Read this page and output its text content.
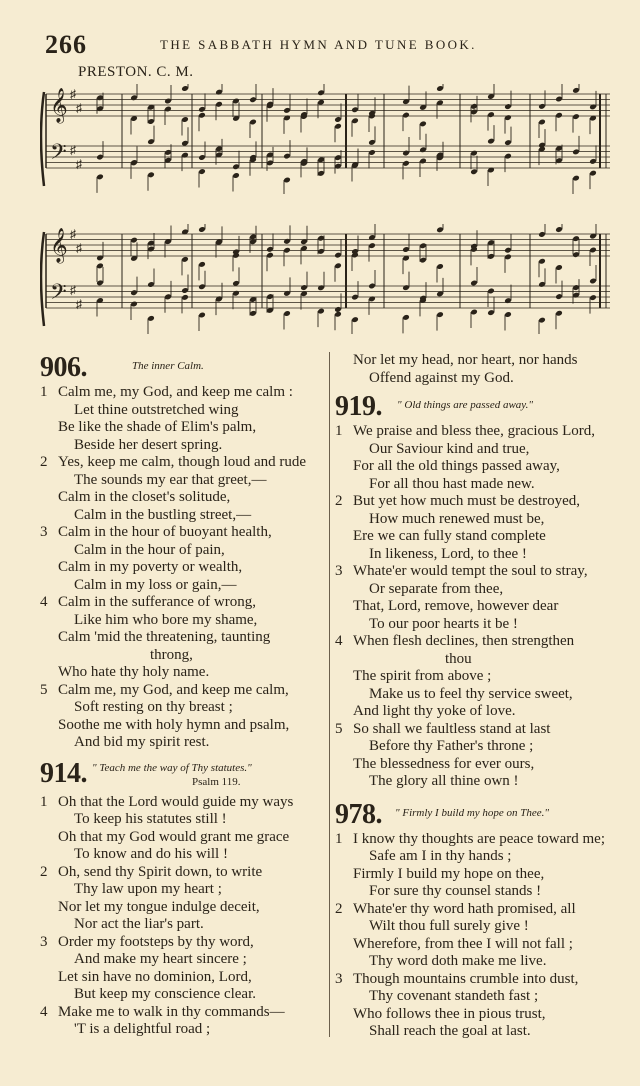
266	THE SABBATH HYMN AND TUNE BOOK.
PRESTON. C. M.
𝄞
𝄢
♯
♯
♯
♯
𝄞
𝄢
♯
♯
♯
♯
906.	The inner Calm.
1 Calm me, my God, and keep me calm :
Let thine outstretched wing
Be like the shade of Elim's palm,
Beside her desert spring.
2 Yes, keep me calm, though loud and rude
The sounds my ear that greet,—
Calm in the closet's solitude,
Calm in the bustling street,—
3 Calm in the hour of buoyant health,
Calm in the hour of pain,
Calm in my poverty or wealth,
Calm in my loss or gain,—
4 Calm in the sufferance of wrong,
Like him who bore my shame,
Calm 'mid the threatening, taunting
throng,
Who hate thy holy name.
5 Calm me, my God, and keep me calm,
Soft resting on thy breast ;
Soothe me with holy hymn and psalm,
And bid my spirit rest.
914. " Teach me the way of Thy statutes."
Psalm 119.
1 Oh that the Lord would guide my ways
To keep his statutes still !
Oh that my God would grant me grace
To know and do his will !
2 Oh, send thy Spirit down, to write
Thy law upon my heart ;
Nor let my tongue indulge deceit,
Nor act the liar's part.
3 Order my footsteps by thy word,
And make my heart sincere ;
Let sin have no dominion, Lord,
But keep my conscience clear.
4 Make me to walk in thy commands—
'T is a delightful road ;
Nor let my head, nor heart, nor hands
Offend against my God.
919. " Old things are passed away."
1 We praise and bless thee, gracious Lord,
Our Saviour kind and true,
For all the old things passed away,
For all thou hast made new.
2 But yet how much must be destroyed,
How much renewed must be,
Ere we can fully stand complete
In likeness, Lord, to thee !
3 Whate'er would tempt the soul to stray,
Or separate from thee,
That, Lord, remove, however dear
To our poor hearts it be !
4 When flesh declines, then strengthen
thou
The spirit from above ;
Make us to feel thy service sweet,
And light thy yoke of love.
5 So shall we faultless stand at last
Before thy Father's throne ;
The blessedness for ever ours,
The glory all thine own !
978. " Firmly I build my hope on Thee."
1 I know thy thoughts are peace toward me;
Safe am I in thy hands ;
Firmly I build my hope on thee,
For sure thy counsel stands !
2 Whate'er thy word hath promised, all
Wilt thou full surely give !
Wherefore, from thee I will not fall ;
Thy word doth make me live.
3 Though mountains crumble into dust,
Thy covenant standeth fast ;
Who follows thee in pious trust,
Shall reach the goal at last.
